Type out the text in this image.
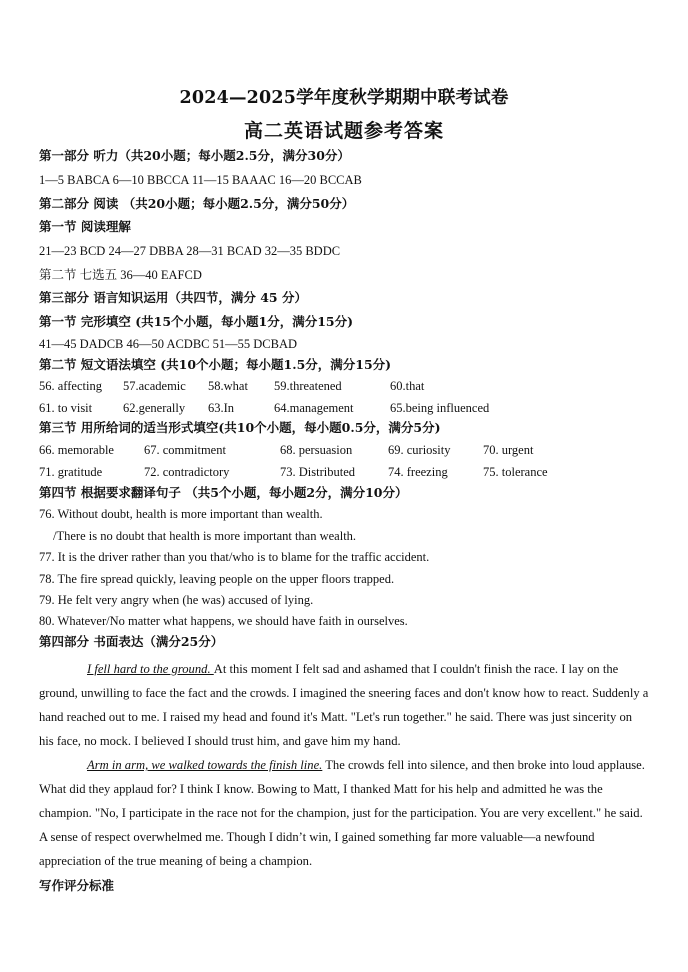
2024—2025学年度秋学期期中联考试卷
高二英语试题参考答案
第一部分 听力（共20小题；每小题2.5分，满分30分）
1—5 BABCA 6—10 BBCCA 11—15 BAAAC 16—20 BCCAB
第二部分 阅读 （共20小题；每小题2.5分，满分50分）
第一节 阅读理解
21—23 BCD 24—27 DBBA 28—31 BCAD 32—35 BDDC
第二节 七选五 36—40 EAFCD
第三部分 语言知识运用（共四节，满分 45 分）
第一节 完形填空 (共15个小题，每小题1分，满分15分)
41—45 DADCB 46—50 ACDBC 51—55 DCBAD
第二节 短文语法填空 (共10个小题；每小题1.5分，满分15分)
56. affecting 57.academic 58.what 59.threatened	60.that
61. to visit 62.generally 63.In	64.management	65.being influenced
第三节 用所给词的适当形式填空(共10个小题，每小题0.5分，满分5分)
66. memorable 67. commitment	68. persuasion	69. curiosity	70. urgent
71. gratitude	72. contradictory	73. Distributed	74. freezing	75. tolerance
第四节 根据要求翻译句子 （共5个小题，每小题2分，满分10分）
76. Without doubt, health is more important than wealth.
/There is no doubt that health is more important than wealth.
77. It is the driver rather than you that/who is to blame for the traffic accident.
78. The fire spread quickly, leaving people on the upper floors trapped.
79. He felt very angry when (he was) accused of lying.
80. Whatever/No matter what happens, we should have faith in ourselves.
第四部分 书面表达（满分25分）
I fell hard to the ground. At this moment I felt sad and ashamed that I couldn't finish the race. I lay on the ground, unwilling to face the fact and the crowds. I imagined the sneering faces and don't know how to react. Suddenly a hand reached out to me. I raised my head and found it's Matt. "Let's run together." he said. There was just sincerity on his face, no mock. I believed I should trust him, and gave him my hand.
Arm in arm, we walked towards the finish line. The crowds fell into silence, and then broke into loud applause. What did they applaud for? I think I know. Bowing to Matt, I thanked Matt for his help and admitted he was the champion. "No, I participate in the race not for the champion, just for the participation. You are very excellent." he said. A sense of respect overwhelmed me. Though I didn’t win, I gained something far more valuable—a newfound appreciation of the true meaning of being a champion.
写作评分标准
